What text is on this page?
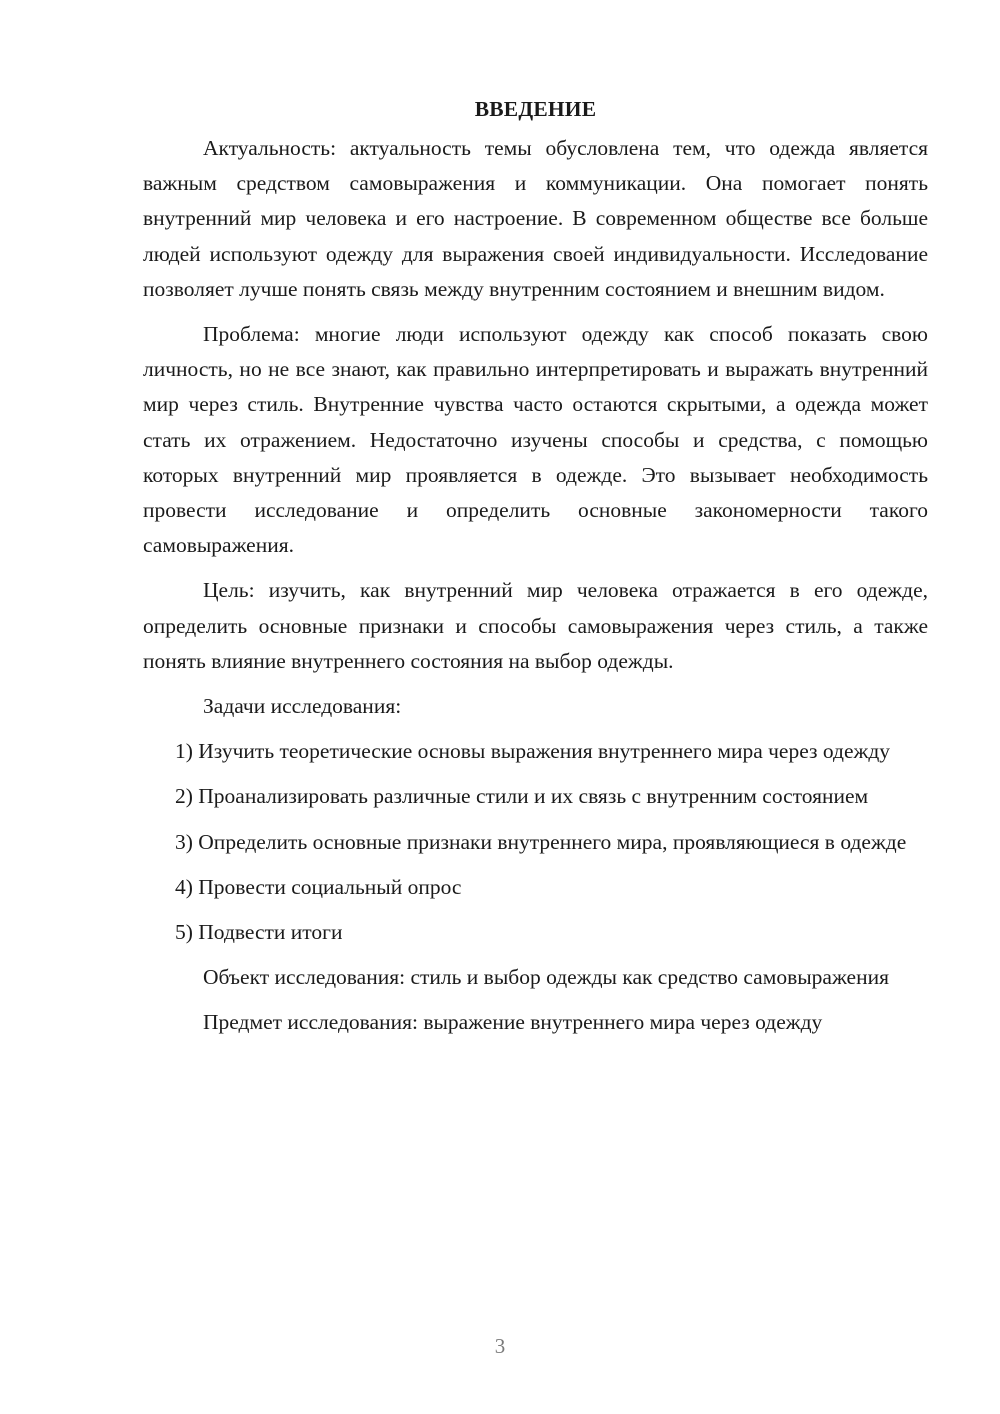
ВВЕДЕНИЕ

Актуальность: актуальность темы обусловлена тем, что одежда является важным средством самовыражения и коммуникации. Она помогает понять внутренний мир человека и его настроение. В современном обществе все больше людей используют одежду для выражения своей индивидуальности. Исследование позволяет лучше понять связь между внутренним состоянием и внешним видом.

Проблема: многие люди используют одежду как способ показать свою личность, но не все знают, как правильно интерпретировать и выражать внутренний мир через стиль. Внутренние чувства часто остаются скрытыми, а одежда может стать их отражением. Недостаточно изучены способы и средства, с помощью которых внутренний мир проявляется в одежде. Это вызывает необходимость провести исследование и определить основные закономерности такого самовыражения.

Цель: изучить, как внутренний мир человека отражается в его одежде, определить основные признаки и способы самовыражения через стиль, а также понять влияние внутреннего состояния на выбор одежды.

Задачи исследования:

1) Изучить теоретические основы выражения внутреннего мира через одежду

2) Проанализировать различные стили и их связь с внутренним состоянием

3) Определить основные признаки внутреннего мира, проявляющиеся в одежде

4) Провести социальный опрос

5) Подвести итоги

Объект исследования: стиль и выбор одежды как средство самовыражения

Предмет исследования: выражение внутреннего мира через одежду

3
